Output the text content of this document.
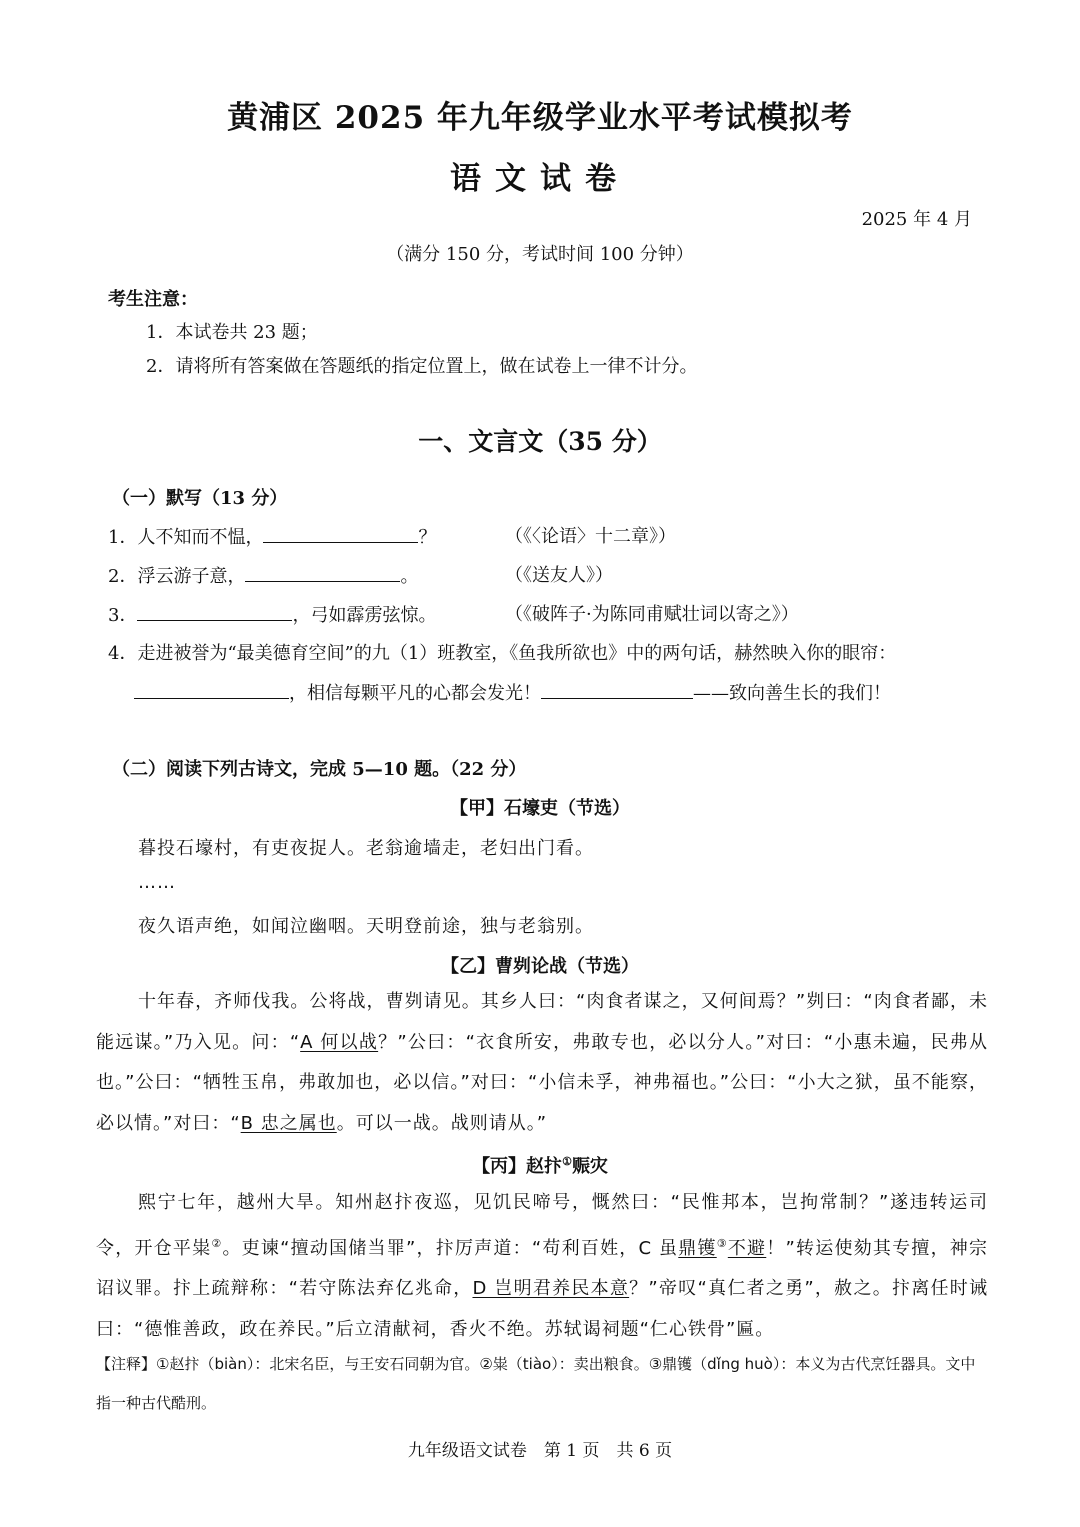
黄浦区 2025 年九年级学业水平考试模拟考
语文试卷
2025 年 4 月
（满分 150 分，考试时间 100 分钟）
考生注意：
1．本试卷共 23 题；
2．请将所有答案做在答题纸的指定位置上，做在试卷上一律不计分。
一、文言文（35 分）
（一）默写（13 分）
1．人不知而不愠，	？	（《〈论语〉十二章》）
2．浮云游子意，	。	（《送友人》）
3．	，弓如霹雳弦惊。	（《破阵子·为陈同甫赋壮词以寄之》）
4．走进被誉为“最美德育空间”的九（1）班教室，《鱼我所欲也》中的两句话，赫然映入你的眼帘：
，相信每颗平凡的心都会发光！	——致向善生长的我们！
（二）阅读下列古诗文，完成 5—10 题。（22 分）
【甲】石壕吏（节选）
暮投石壕村，有吏夜捉人。老翁逾墙走，老妇出门看。
……
夜久语声绝，如闻泣幽咽。天明登前途，独与老翁别。
【乙】曹刿论战（节选）
十年春，齐师伐我。公将战，曹刿请见。其乡人曰：“肉食者谋之，又何间焉？”刿曰：“肉食者鄙，未能远谋。”乃入见。问：“A 何以战？”公曰：“衣食所安，弗敢专也，必以分人。”对曰：“小惠未遍，民弗从也。”公曰：“牺牲玉帛，弗敢加也，必以信。”对曰：“小信未孚，神弗福也。”公曰：“小大之狱，虽不能察，必以情。”对曰：“B 忠之属也。可以一战。战则请从。”
【丙】赵抃①赈灾
熙宁七年，越州大旱。知州赵抃夜巡，见饥民啼号，慨然曰：“民惟邦本，岂拘常制？”遂违转运司令，开仓平粜②。吏谏“擅动国储当罪”，抃厉声道：“苟利百姓，C 虽鼎镬③不避！”转运使劾其专擅，神宗诏议罪。抃上疏辩称：“若守陈法弃亿兆命，D 岂明君养民本意？”帝叹“真仁者之勇”，赦之。抃离任时诫曰：“德惟善政，政在养民。”后立清献祠，香火不绝。苏轼谒祠题“仁心铁骨”匾。
【注释】①赵抃（biàn）：北宋名臣，与王安石同朝为官。②粜（tiào）：卖出粮食。③鼎镬（dǐng huò）：本义为古代烹饪器具。文中指一种古代酷刑。
九年级语文试卷　第 1 页　共 6 页
